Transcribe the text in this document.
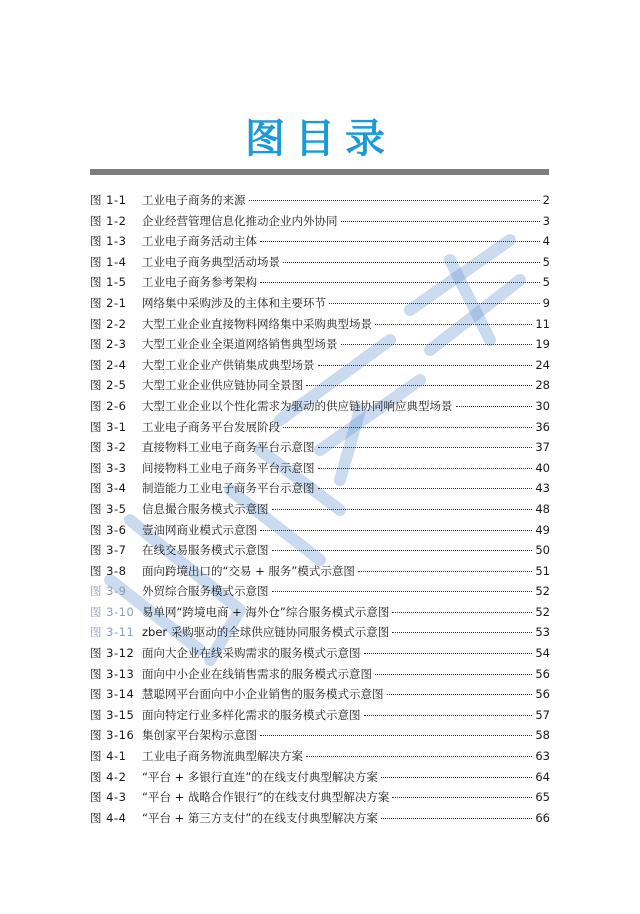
图目录
图 1-1	工业电子商务的来源	2
图 1-2	企业经营管理信息化推动企业内外协同	3
图 1-3	工业电子商务活动主体	4
图 1-4	工业电子商务典型活动场景	5
图 1-5	工业电子商务参考架构	5
图 2-1	网络集中采购涉及的主体和主要环节	9
图 2-2	大型工业企业直接物料网络集中采购典型场景	11
图 2-3	大型工业企业全渠道网络销售典型场景	19
图 2-4	大型工业企业产供销集成典型场景	24
图 2-5	大型工业企业供应链协同全景图	28
图 2-6	大型工业企业以个性化需求为驱动的供应链协同响应典型场景	30
图 3-1	工业电子商务平台发展阶段	36
图 3-2	直接物料工业电子商务平台示意图	37
图 3-3	间接物料工业电子商务平台示意图	40
图 3-4	制造能力工业电子商务平台示意图	43
图 3-5	信息撮合服务模式示意图	48
图 3-6	壹油网商业模式示意图	49
图 3-7	在线交易服务模式示意图	50
图 3-8	面向跨境出口的“交易 + 服务”模式示意图	51
图 3-9	外贸综合服务模式示意图	52
图 3-10 易单网“跨境电商 + 海外仓”综合服务模式示意图	52
图 3-11 zber 采购驱动的全球供应链协同服务模式示意图	53
图 3-12 面向大企业在线采购需求的服务模式示意图	54
图 3-13 面向中小企业在线销售需求的服务模式示意图	56
图 3-14 慧聪网平台面向中小企业销售的服务模式示意图	56
图 3-15 面向特定行业多样化需求的服务模式示意图	57
图 3-16 集创家平台架构示意图	58
图 4-1	工业电子商务物流典型解决方案	63
图 4-2	“平台 + 多银行直连”的在线支付典型解决方案	64
图 4-3	“平台 + 战略合作银行”的在线支付典型解决方案	65
图 4-4	“平台 + 第三方支付”的在线支付典型解决方案	66
